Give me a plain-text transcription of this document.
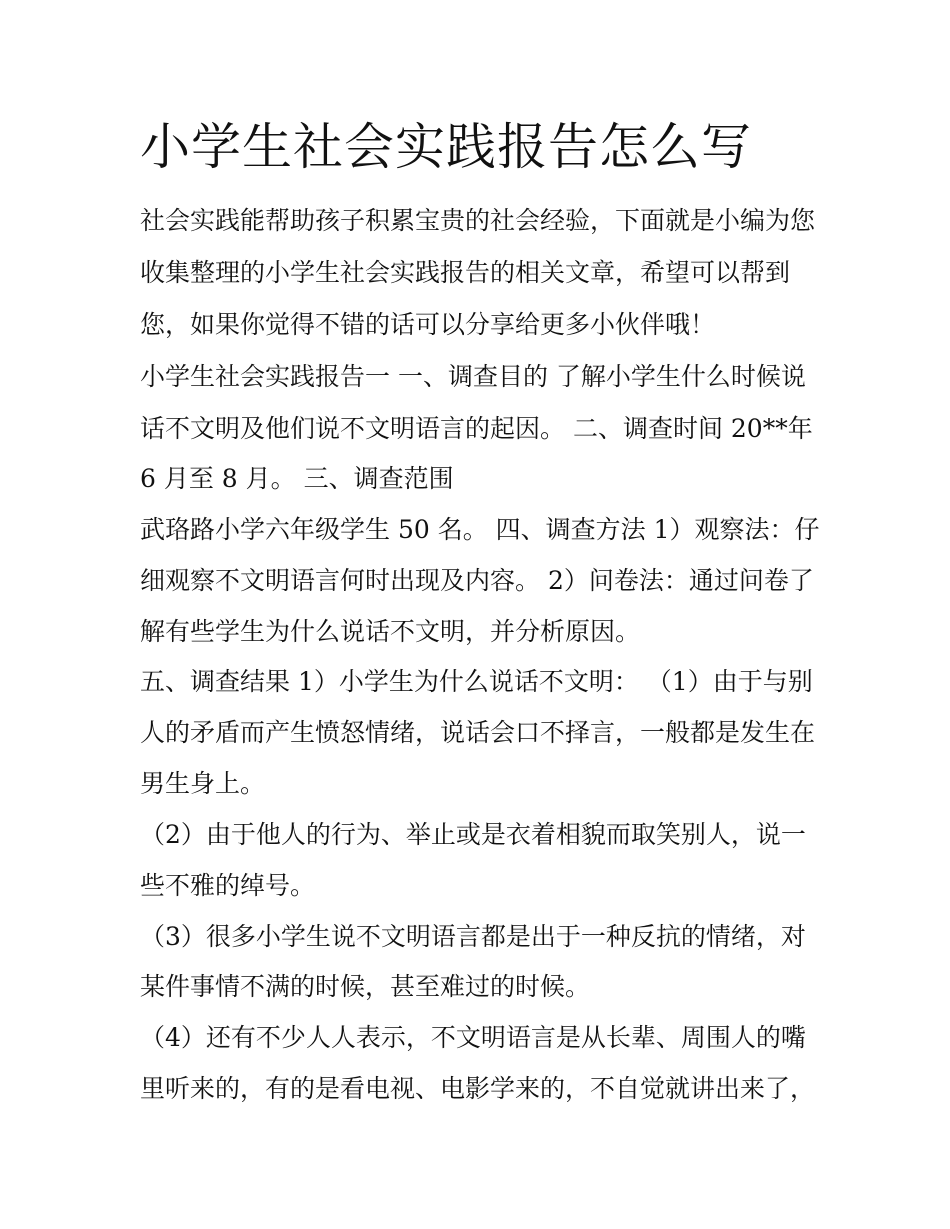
小学生社会实践报告怎么写

社会实践能帮助孩子积累宝贵的社会经验，下面就是小编为您

收集整理的小学生社会实践报告的相关文章，希望可以帮到

您，如果你觉得不错的话可以分享给更多小伙伴哦！

小学生社会实践报告一 一、调查目的 了解小学生什么时候说

话不文明及他们说不文明语言的起因。 二、调查时间 20**年

6 月至 8 月。 三、调查范围

武珞路小学六年级学生 50 名。 四、调查方法 1）观察法：仔

细观察不文明语言何时出现及内容。 2）问卷法：通过问卷了

解有些学生为什么说话不文明，并分析原因。

五、调查结果 1）小学生为什么说话不文明： （1）由于与别

人的矛盾而产生愤怒情绪，说话会口不择言，一般都是发生在

男生身上。

（2）由于他人的行为、举止或是衣着相貌而取笑别人，说一

些不雅的绰号。

（3）很多小学生说不文明语言都是出于一种反抗的情绪，对

某件事情不满的时候，甚至难过的时候。

（4）还有不少人人表示，不文明语言是从长辈、周围人的嘴

里听来的，有的是看电视、电影学来的，不自觉就讲出来了，
